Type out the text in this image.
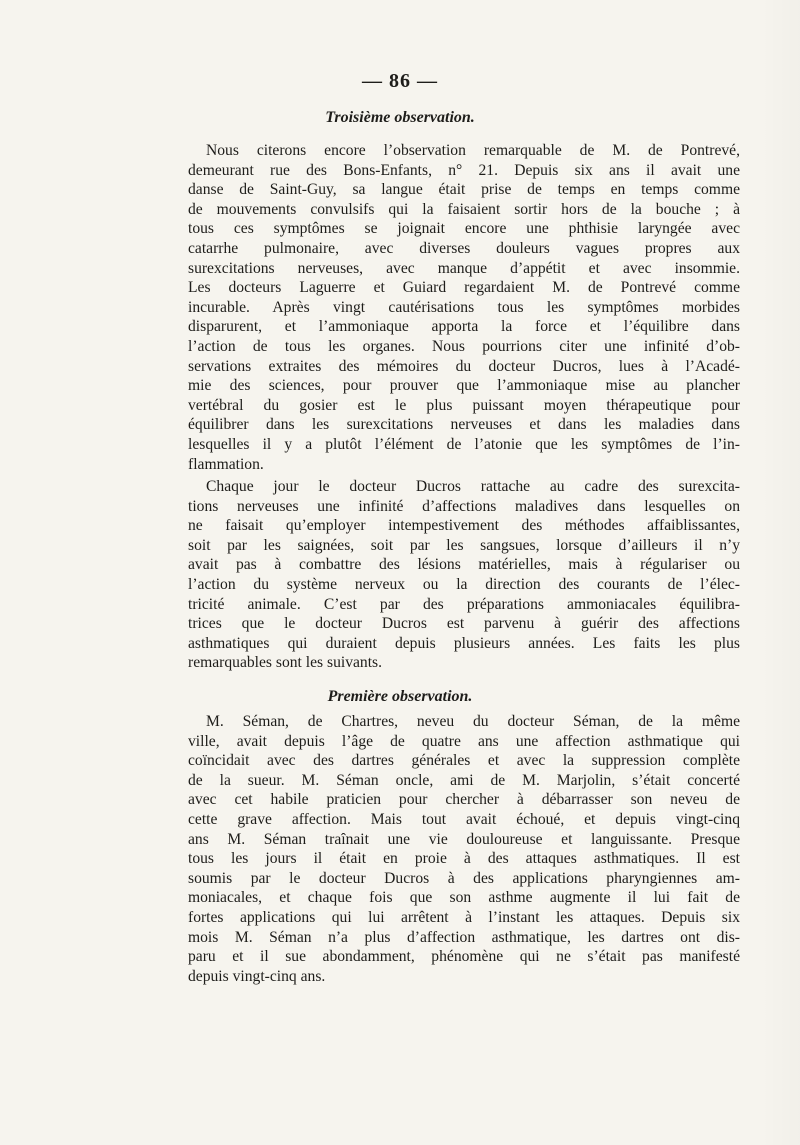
— 86 —
Troisième observation.
Nous citerons encore l’observation remarquable de M. de Pontrevé,
demeurant rue des Bons-Enfants, n° 21. Depuis six ans il avait une
danse de Saint-Guy, sa langue était prise de temps en temps comme
de mouvements convulsifs qui la faisaient sortir hors de la bouche ; à
tous ces symptômes se joignait encore une phthisie laryngée avec
catarrhe pulmonaire, avec diverses douleurs vagues propres aux
surexcitations nerveuses, avec manque d’appétit et avec insommie.
Les docteurs Laguerre et Guiard regardaient M. de Pontrevé comme
incurable. Après vingt cautérisations tous les symptômes morbides
disparurent, et l’ammoniaque apporta la force et l’équilibre dans
l’action de tous les organes. Nous pourrions citer une infinité d’ob-
servations extraites des mémoires du docteur Ducros, lues à l’Acadé-
mie des sciences, pour prouver que l’ammoniaque mise au plancher
vertébral du gosier est le plus puissant moyen thérapeutique pour
équilibrer dans les surexcitations nerveuses et dans les maladies dans
lesquelles il y a plutôt l’élément de l’atonie que les symptômes de l’in-
flammation.
Chaque jour le docteur Ducros rattache au cadre des surexcita-
tions nerveuses une infinité d’affections maladives dans lesquelles on
ne faisait qu’employer intempestivement des méthodes affaiblissantes,
soit par les saignées, soit par les sangsues, lorsque d’ailleurs il n’y
avait pas à combattre des lésions matérielles, mais à régulariser ou
l’action du système nerveux ou la direction des courants de l’élec-
tricité animale. C’est par des préparations ammoniacales équilibra-
trices que le docteur Ducros est parvenu à guérir des affections
asthmatiques qui duraient depuis plusieurs années. Les faits les plus
remarquables sont les suivants.
Première observation.
M. Séman, de Chartres, neveu du docteur Séman, de la même
ville, avait depuis l’âge de quatre ans une affection asthmatique qui
coïncidait avec des dartres générales et avec la suppression complète
de la sueur. M. Séman oncle, ami de M. Marjolin, s’était concerté
avec cet habile praticien pour chercher à débarrasser son neveu de
cette grave affection. Mais tout avait échoué, et depuis vingt-cinq
ans M. Séman traînait une vie douloureuse et languissante. Presque
tous les jours il était en proie à des attaques asthmatiques. Il est
soumis par le docteur Ducros à des applications pharyngiennes am-
moniacales, et chaque fois que son asthme augmente il lui fait de
fortes applications qui lui arrêtent à l’instant les attaques. Depuis six
mois M. Séman n’a plus d’affection asthmatique, les dartres ont dis-
paru et il sue abondamment, phénomène qui ne s’était pas manifesté
depuis vingt-cinq ans.
